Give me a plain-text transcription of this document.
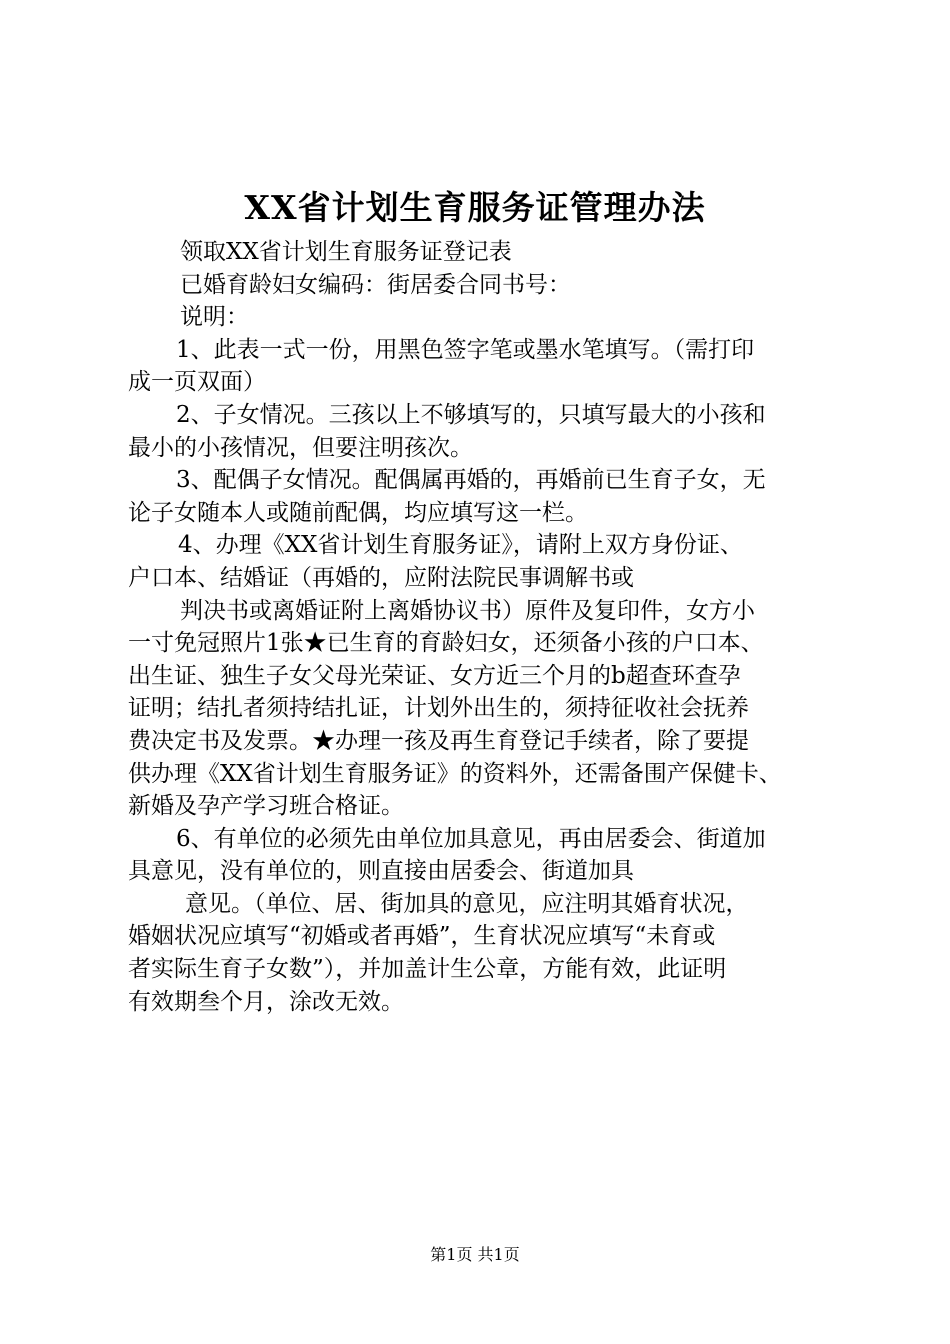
XX省计划生育服务证管理办法
领取XX省计划生育服务证登记表
已婚育龄妇女编码：街居委合同书号：
说明：
1、此表一式一份，用黑色签字笔或墨水笔填写。（需打印
成一页双面）
2、子女情况。三孩以上不够填写的，只填写最大的小孩和
最小的小孩情况，但要注明孩次。
3、配偶子女情况。配偶属再婚的，再婚前已生育子女，无
论子女随本人或随前配偶，均应填写这一栏。
4、办理《XX省计划生育服务证》，请附上双方身份证、
户口本、结婚证（再婚的，应附法院民事调解书或
判决书或离婚证附上离婚协议书）原件及复印件，女方小
一寸免冠照片1张★已生育的育龄妇女，还须备小孩的户口本、
出生证、独生子女父母光荣证、女方近三个月的b超查环查孕
证明；结扎者须持结扎证，计划外出生的，须持征收社会抚养
费决定书及发票。★办理一孩及再生育登记手续者，除了要提
供办理《XX省计划生育服务证》的资料外，还需备围产保健卡、
新婚及孕产学习班合格证。
6、有单位的必须先由单位加具意见，再由居委会、街道加
具意见，没有单位的，则直接由居委会、街道加具
意见。（单位、居、街加具的意见，应注明其婚育状况，
婚姻状况应填写“初婚或者再婚”，生育状况应填写“未育或
者实际生育子女数”），并加盖计生公章，方能有效，此证明
有效期叁个月，涂改无效。
第1页 共1页
